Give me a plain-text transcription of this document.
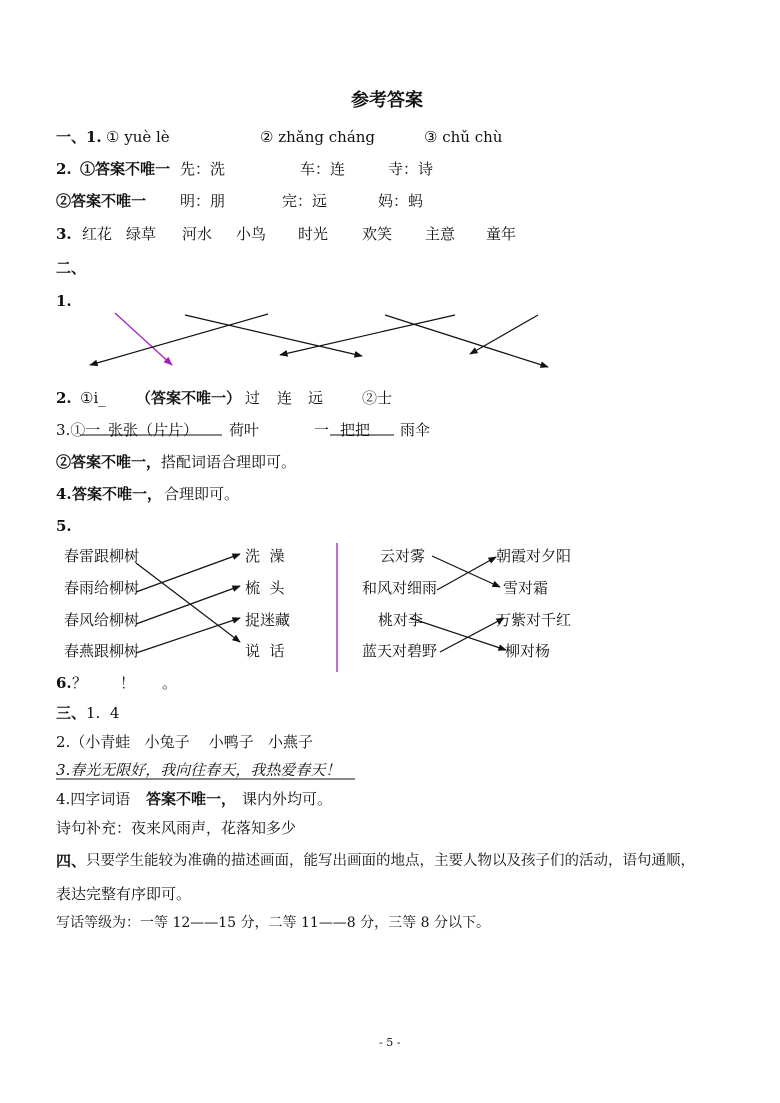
参考答案
一、1. ① yuè lè	② zhǎng cháng	③ chǔ chù
2. ①答案不唯一 先：洗	车：连	寺：诗
②答案不唯一 明：朋	完：远	妈：蚂
3. 红花 绿草 河水 小鸟 时光 欢笑 主意 童年
二、
1.
2. ①i_ （答案不唯一） 过 连 远	②士
3.①一 张张（片片） 荷叶	一 把把 雨伞
②答案不唯一， 搭配词语合理即可。
4. 答案不唯一， 合理即可。
5.
春雷跟柳树
春雨给柳树
春风给柳树
春燕跟柳树
洗  澡
梳  头
捉迷藏
说  话
云对雾
和风对细雨
桃对李
蓝天对碧野
朝霞对夕阳
雪对霜
万紫对千红
柳对杨
6. ？ ！ 。
三、 1.  4
2.（小青蛙   小兔子    小鸭子   小燕子
3.春光无限好，我向往春天，我热爱春天！
4.四字词语 答案不唯一， 课内外均可。
诗句补充：夜来风雨声，花落知多少
四、 只要学生能较为准确的描述画面，能写出画面的地点，主要人物以及孩子们的活动，语句通顺，
表达完整有序即可。
写话等级为：一等 12——15 分，二等 11——8 分，三等 8 分以下。
- 5 -
